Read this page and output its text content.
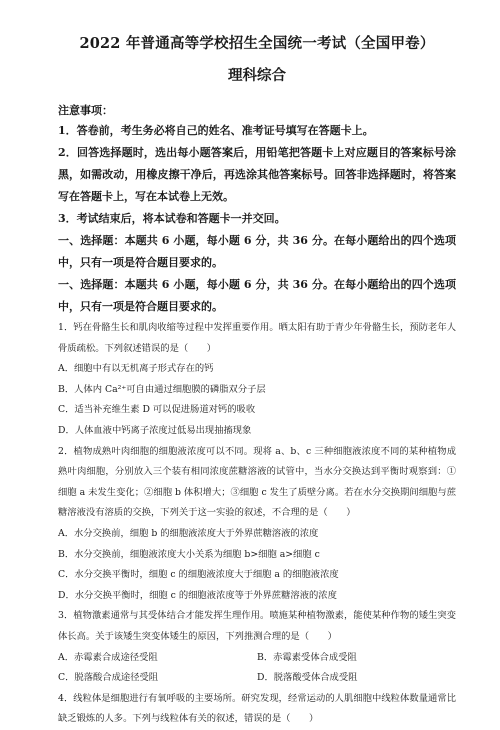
2022 年普通高等学校招生全国统一考试（全国甲卷）
理科综合
注意事项：

1．答卷前，考生务必将自己的姓名、准考证号填写在答题卡上。

2．回答选择题时，选出每小题答案后，用铅笔把答题卡上对应题目的答案标号涂黑，如需改动，用橡皮擦干净后，再选涂其他答案标号。回答非选择题时，将答案写在答题卡上，写在本试卷上无效。

3．考试结束后，将本试卷和答题卡一并交回。

一、选择题：本题共 6 小题，每小题 6 分，共 36 分。在每小题给出的四个选项中，只有一项是符合题目要求的。

一、选择题：本题共 6 小题，每小题 6 分，共 36 分。在每小题给出的四个选项中，只有一项是符合题目要求的。

1．钙在骨骼生长和肌肉收缩等过程中发挥重要作用。晒太阳有助于青少年骨骼生长，预防老年人骨质疏松。下列叙述错误的是（　　）

A．细胞中有以无机离子形式存在的钙

B．人体内 Ca²⁺可自由通过细胞膜的磷脂双分子层

C．适当补充维生素 D 可以促进肠道对钙的吸收

D．人体血液中钙离子浓度过低易出现抽搐现象

2．植物成熟叶肉细胞的细胞液浓度可以不同。现将 a、b、c 三种细胞液浓度不同的某种植物成熟叶肉细胞，分别放入三个装有相同浓度蔗糖溶液的试管中，当水分交换达到平衡时观察到：①细胞 a 未发生变化；②细胞 b 体积增大；③细胞 c 发生了质壁分离。若在水分交换期间细胞与蔗糖溶液没有溶质的交换，下列关于这一实验的叙述，不合理的是（　　）

A．水分交换前，细胞 b 的细胞液浓度大于外界蔗糖溶液的浓度

B．水分交换前，细胞液浓度大小关系为细胞 b>细胞 a>细胞 c

C．水分交换平衡时，细胞 c 的细胞液浓度大于细胞 a 的细胞液浓度

D．水分交换平衡时，细胞 c 的细胞液浓度等于外界蔗糖溶液的浓度

3．植物激素通常与其受体结合才能发挥生理作用。喷施某种植物激素，能使某种作物的矮生突变体长高。关于该矮生突变体矮生的原因，下列推测合理的是（　　）

A．赤霉素合成途径受阻	B．赤霉素受体合成受阻
C．脱落酸合成途径受阻	D．脱落酸受体合成受阻

4．线粒体是细胞进行有氧呼吸的主要场所。研究发现，经常运动的人肌细胞中线粒体数量通常比缺乏锻炼的人多。下列与线粒体有关的叙述，错误的是（　　）
